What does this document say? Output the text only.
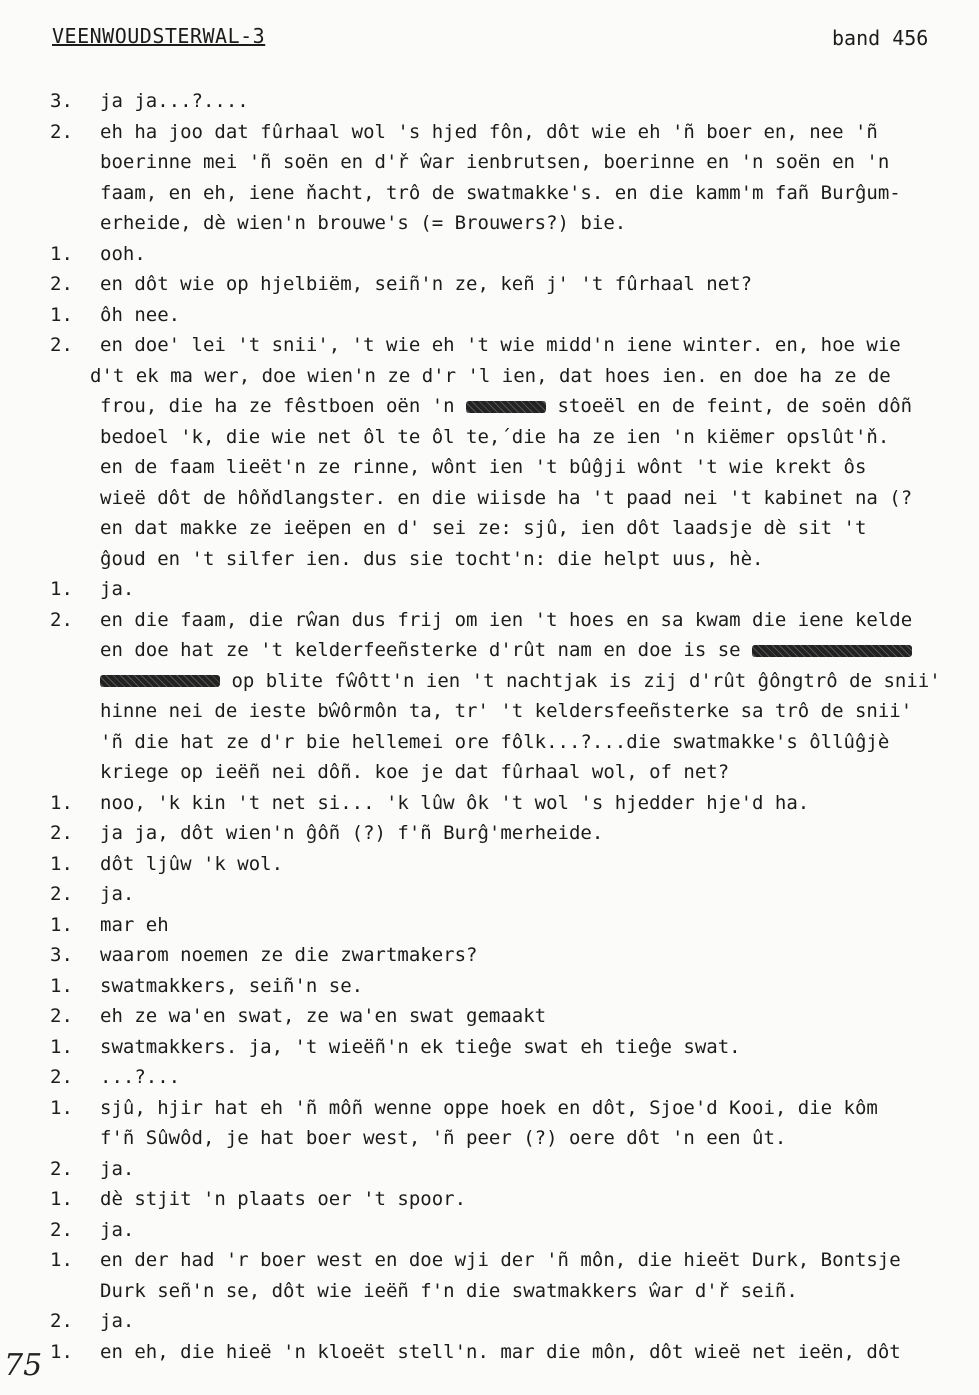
VEENWOUDSTERWAL-3	band 456
3.	ja ja...?....
2.	eh ha joo dat fûrhaal wol 's hjed fôn, dôt wie eh 'ñ boer en, nee 'ñ
boerinne mei 'ñ soën en d'ř ŵar ienbrutsen, boerinne en 'n soën en 'n
faam, en eh, iene ňacht, trô de swatmakke's. en die kamm'm fañ Burĝum-
erheide, dè wien'n brouwe's (= Brouwers?) bie.
1.	ooh.
2.	en dôt wie op hjelbiëm, seiñ'n ze, keñ j' 't fûrhaal net?
1.	ôh nee.
2.	en doe' lei 't snii', 't wie eh 't wie midd'n iene winter. en, hoe wie
d't ek ma wer, doe wien'n ze d'r 'l ien, dat hoes ien. en doe ha ze de
frou, die ha ze fêstboen oën 'n	stoeël en de feint, de soën dôñ
bedoel 'k, die wie net ôl te ôl te,´die ha ze ien 'n kiëmer opslût'ň.
en de faam lieët'n ze rinne, wônt ien 't bûĝji wônt 't wie krekt ôs
wieë dôt de hôňdlangster. en die wiisde ha 't paad nei 't kabinet na (?
en dat makke ze ieëpen en d' sei ze: sjû, ien dôt laadsje dè sit 't
ĝoud en 't silfer ien. dus sie tocht'n: die helpt uus, hè.
1.	ja.
2.	en die faam, die rŵan dus frij om ien 't hoes en sa kwam die iene kelde
en doe hat ze 't kelderfeeñsterke d'rût nam en doe is se
op blite fŵôtt'n ien 't nachtjak is zij d'rût ĝôngtrô de snii'
hinne nei de ieste bŵôrmôn ta, tr' 't keldersfeeñsterke sa trô de snii'
'ñ die hat ze d'r bie hellemei ore fôlk...?...die swatmakke's ôllûĝjè
kriege op ieëñ nei dôñ. koe je dat fûrhaal wol, of net?
1.	noo, 'k kin 't net si... 'k lûw ôk 't wol 's hjedder hje'd ha.
2.	ja ja, dôt wien'n ĝôñ (?) f'ñ Burĝ'merheide.
1.	dôt ljûw 'k wol.
2.	ja.
1.	mar eh
3.	waarom noemen ze die zwartmakers?
1.	swatmakkers, seiñ'n se.
2.	eh ze wa'en swat, ze wa'en swat gemaakt
1.	swatmakkers. ja, 't wieëñ'n ek tieĝe swat eh tieĝe swat.
2.	...?...
1.	sjû, hjir hat eh 'ñ môñ wenne oppe hoek en dôt, Sjoe'd Kooi, die kôm
f'ñ Sûwôd, je hat boer west, 'ñ peer (?) oere dôt 'n een ût.
2.	ja.
1.	dè stjit 'n plaats oer 't spoor.
2.	ja.
1.	en der had 'r boer west en doe wji der 'ñ môn, die hieët Durk, Bontsje
Durk señ'n se, dôt wie ieëñ f'n die swatmakkers ŵar d'ř seiñ.
2.	ja.
1.	en eh, die hieë 'n kloeët stell'n. mar die môn, dôt wieë net ieën, dôt
75
